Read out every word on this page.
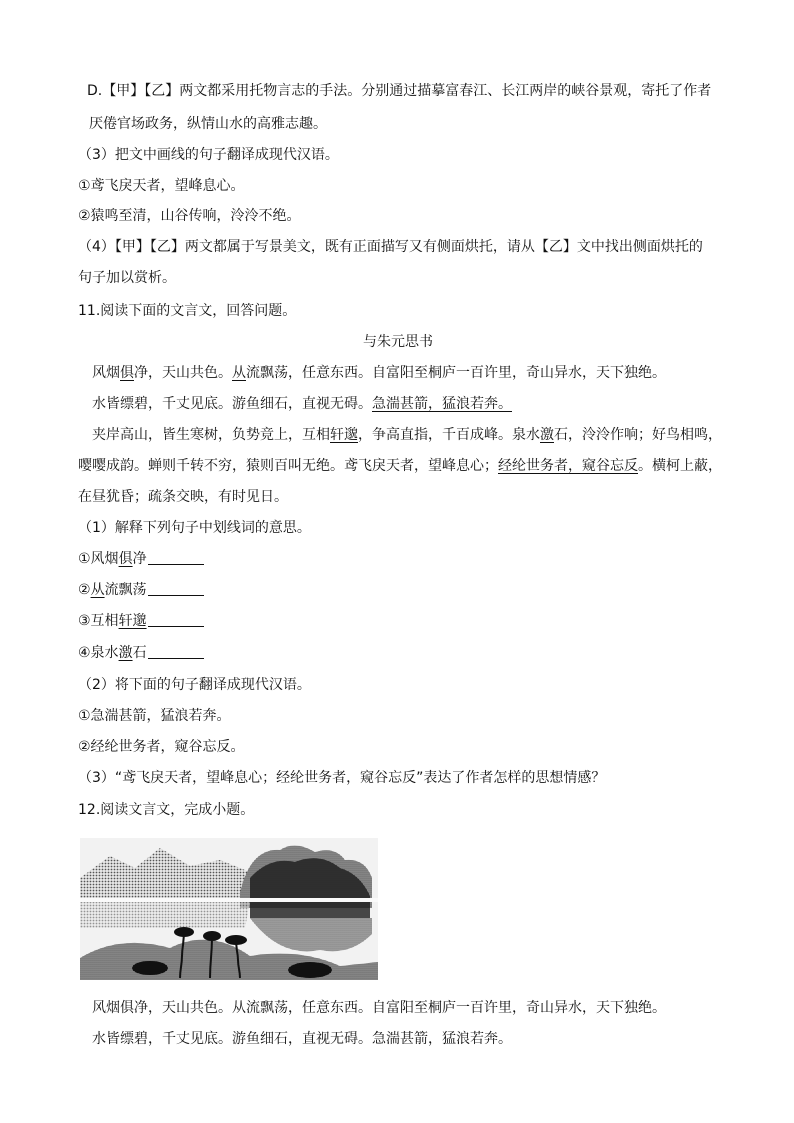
D.【甲】【乙】两文都采用托物言志的手法。分别通过描摹富春江、长江两岸的峡谷景观，寄托了作者
厌倦官场政务，纵情山水的高雅志趣。
（3）把文中画线的句子翻译成现代汉语。
①鸢飞戾天者，望峰息心。
②猿鸣至清，山谷传响，泠泠不绝。
（4）【甲】【乙】两文都属于写景美文，既有正面描写又有侧面烘托，请从【乙】文中找出侧面烘托的
句子加以赏析。
11.阅读下面的文言文，回答问题。
与朱元思书
风烟俱净，天山共色。从流飘荡，任意东西。自富阳至桐庐一百许里，奇山异水，天下独绝。
水皆缥碧，千丈见底。游鱼细石，直视无碍。急湍甚箭，猛浪若奔。
夹岸高山，皆生寒树，负势竞上，互相轩邈，争高直指，千百成峰。泉水激石，泠泠作响；好鸟相鸣，
嘤嘤成韵。蝉则千转不穷，猿则百叫无绝。鸢飞戾天者，望峰息心；经纶世务者，窥谷忘反。横柯上蔽，
在昼犹昏；疏条交映，有时见日。
（1）解释下列句子中划线词的意思。
①风烟俱净
②从流飘荡
③互相轩邈
④泉水激石
（2）将下面的句子翻译成现代汉语。
①急湍甚箭，猛浪若奔。
②经纶世务者，窥谷忘反。
（3）“鸢飞戾天者，望峰息心；经纶世务者，窥谷忘反”表达了作者怎样的思想情感？
12.阅读文言文，完成小题。
风烟俱净，天山共色。从流飘荡，任意东西。自富阳至桐庐一百许里，奇山异水，天下独绝。
水皆缥碧，千丈见底。游鱼细石，直视无碍。急湍甚箭，猛浪若奔。
